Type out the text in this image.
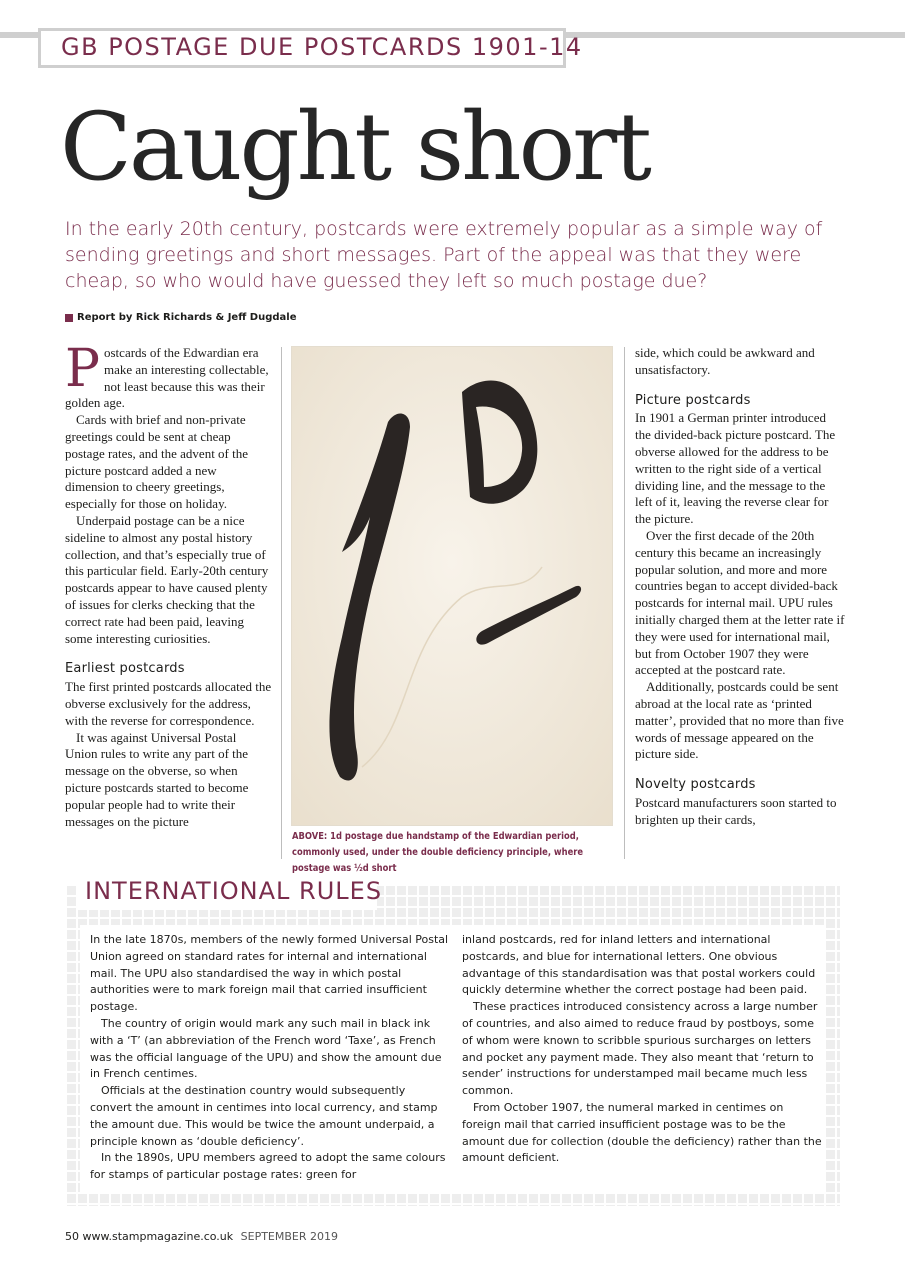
GB POSTAGE DUE POSTCARDS 1901-14
Caught short
In the early 20th century, postcards were extremely popular as a simple way of sending greetings and short messages. Part of the appeal was that they were cheap, so who would have guessed they left so much postage due?
Report by Rick Richards & Jeff Dugdale

Postcards of the Edwardian era make an interesting collectable, not least because this was their golden age.

Cards with brief and non-private greetings could be sent at cheap postage rates, and the advent of the picture postcard added a new dimension to cheery greetings, especially for those on holiday.

Underpaid postage can be a nice sideline to almost any postal history collection, and that’s especially true of this particular field. Early-20th century postcards appear to have caused plenty of issues for clerks checking that the correct rate had been paid, leaving some interesting curiosities.

Earliest postcards

The first printed postcards allocated the obverse exclusively for the address, with the reverse for correspondence.

It was against Universal Postal Union rules to write any part of the message on the obverse, so when picture postcards started to become popular people had to write their messages on the picture

ABOVE: 1d postage due handstamp of the Edwardian period, commonly used, under the double deficiency principle, where postage was ½d short

side, which could be awkward and unsatisfactory.

Picture postcards

In 1901 a German printer introduced the divided-back picture postcard. The obverse allowed for the address to be written to the right side of a vertical dividing line, and the message to the left of it, leaving the reverse clear for the picture.

Over the first decade of the 20th century this became an increasingly popular solution, and more and more countries began to accept divided-back postcards for internal mail. UPU rules initially charged them at the letter rate if they were used for international mail, but from October 1907 they were accepted at the postcard rate.

Additionally, postcards could be sent abroad at the local rate as ‘printed matter’, provided that no more than five words of message appeared on the picture side.

Novelty postcards

Postcard manufacturers soon started to brighten up their cards,

INTERNATIONAL RULES

In the late 1870s, members of the newly formed Universal Postal Union agreed on standard rates for internal and international mail. The UPU also standardised the way in which postal authorities were to mark foreign mail that carried insufficient postage.

The country of origin would mark any such mail in black ink with a ‘T’ (an abbreviation of the French word ‘Taxe’, as French was the official language of the UPU) and show the amount due in French centimes.

Officials at the destination country would subsequently convert the amount in centimes into local currency, and stamp the amount due. This would be twice the amount underpaid, a principle known as ‘double deficiency’.

In the 1890s, UPU members agreed to adopt the same colours for stamps of particular postage rates: green for

inland postcards, red for inland letters and international postcards, and blue for international letters. One obvious advantage of this standardisation was that postal workers could quickly determine whether the correct postage had been paid.

These practices introduced consistency across a large number of countries, and also aimed to reduce fraud by postboys, some of whom were known to scribble spurious surcharges on letters and pocket any payment made. They also meant that ‘return to sender’ instructions for understamped mail became much less common.

From October 1907, the numeral marked in centimes on foreign mail that carried insufficient postage was to be the amount due for collection (double the deficiency) rather than the amount deficient.

50 www.stampmagazine.co.uk SEPTEMBER 2019
